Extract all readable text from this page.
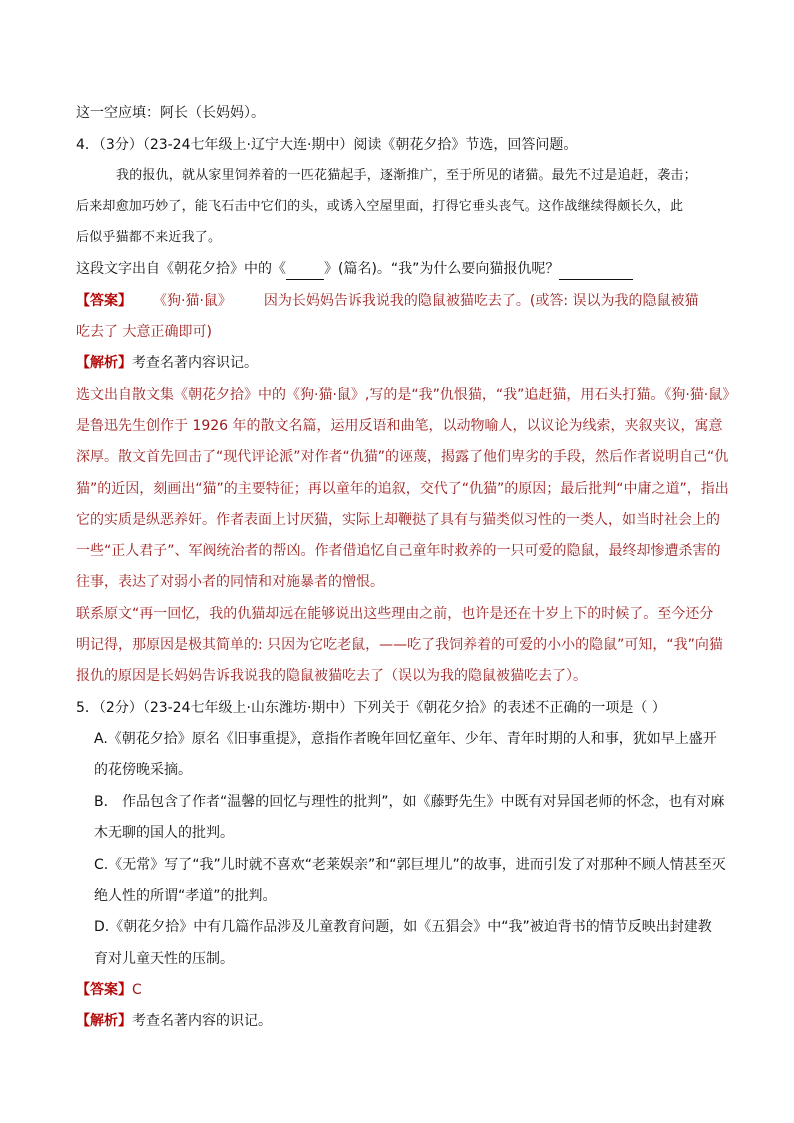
这一空应填：阿长（长妈妈）。
4．（3分）（23-24七年级上·辽宁大连·期中）阅读《朝花夕拾》节选，回答问题。
我的报仇，就从家里饲养着的一匹花猫起手，逐渐推广，至于所见的诸猫。最先不过是追赶，袭击；
后来却愈加巧妙了，能飞石击中它们的头，或诱入空屋里面，打得它垂头丧气。这作战继续得颇长久，此
后似乎猫都不来近我了。
这段文字出自《朝花夕拾》中的《	》(篇名)。“我”为什么要向猫报仇呢？
【答案】 《狗·猫·鼠》 因为长妈妈告诉我说我的隐鼠被猫吃去了。(或答: 误以为我的隐鼠被猫
吃去了 大意正确即可)
【解析】考查名著内容识记。
选文出自散文集《朝花夕拾》中的《狗·猫·鼠》,写的是“我”仇恨猫，“我”追赶猫，用石头打猫。《狗·猫·鼠》
是鲁迅先生创作于 1926 年的散文名篇，运用反语和曲笔，以动物喻人，以议论为线索，夹叙夹议，寓意
深厚。散文首先回击了“现代评论派”对作者“仇猫”的诬蔑，揭露了他们卑劣的手段，然后作者说明自己“仇
猫”的近因，刻画出“猫”的主要特征；再以童年的追叙，交代了“仇猫”的原因；最后批判“中庸之道”，指出
它的实质是纵恶养奸。作者表面上讨厌猫，实际上却鞭挞了具有与猫类似习性的一类人，如当时社会上的
一些“正人君子”、军阀统治者的帮凶。作者借追忆自己童年时救养的一只可爱的隐鼠，最终却惨遭杀害的
往事，表达了对弱小者的同情和对施暴者的憎恨。
联系原文“再一回忆，我的仇猫却远在能够说出这些理由之前，也许是还在十岁上下的时候了。至今还分
明记得，那原因是极其简单的: 只因为它吃老鼠，——吃了我饲养着的可爱的小小的隐鼠”可知，“我”向猫
报仇的原因是长妈妈告诉我说我的隐鼠被猫吃去了（误以为我的隐鼠被猫吃去了）。
5．（2分）（23-24七年级上·山东潍坊·期中）下列关于《朝花夕拾》的表述不正确的一项是（ ）
A.《朝花夕拾》原名《旧事重提》，意指作者晚年回忆童年、少年、青年时期的人和事，犹如早上盛开
的花傍晚采摘。
B． 作品包含了作者“温馨的回忆与理性的批判”，如《藤野先生》中既有对异国老师的怀念，也有对麻
木无聊的国人的批判。
C.《无常》写了“我”儿时就不喜欢“老莱娱亲”和“郭巨埋儿”的故事，进而引发了对那种不顾人情甚至灭
绝人性的所谓“孝道”的批判。
D.《朝花夕拾》中有几篇作品涉及儿童教育问题，如《五猖会》中“我”被迫背书的情节反映出封建教
育对儿童天性的压制。
【答案】C
【解析】考查名著内容的识记。
